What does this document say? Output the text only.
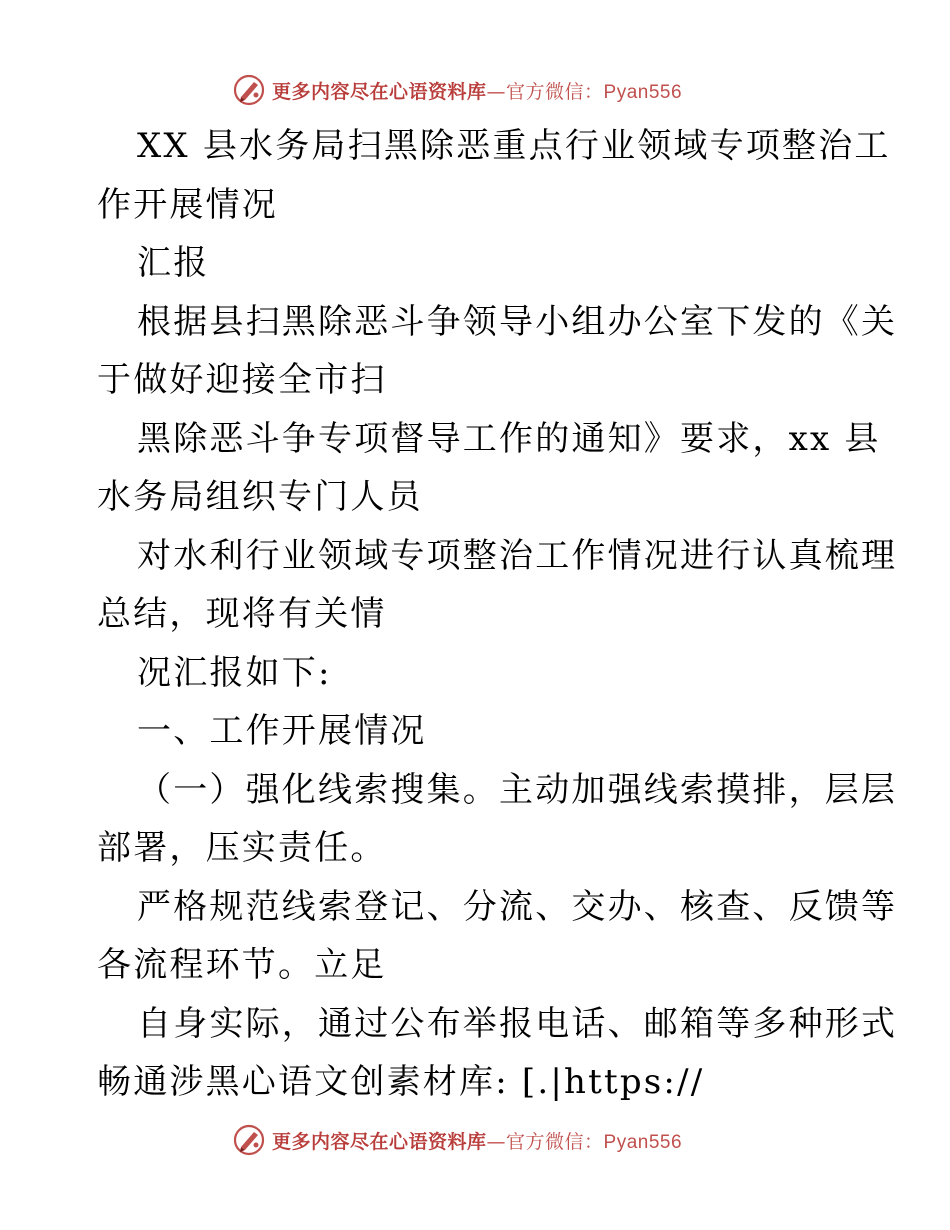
更多内容尽在心语资料库—官方微信：Pyan556
XX 县水务局扫黑除恶重点行业领域专项整治工
作开展情况
汇报
根据县扫黑除恶斗争领导小组办公室下发的《关
于做好迎接全市扫
黑除恶斗争专项督导工作的通知》要求，xx 县
水务局组织专门人员
对水利行业领域专项整治工作情况进行认真梳理
总结，现将有关情
况汇报如下:
一、工作开展情况
（一）强化线索搜集。主动加强线索摸排，层层
部署，压实责任。
严格规范线索登记、分流、交办、核查、反馈等
各流程环节。立足
自身实际，通过公布举报电话、邮箱等多种形式
畅通涉黑心语文创素材库: [.|https://
更多内容尽在心语资料库—官方微信：Pyan556
